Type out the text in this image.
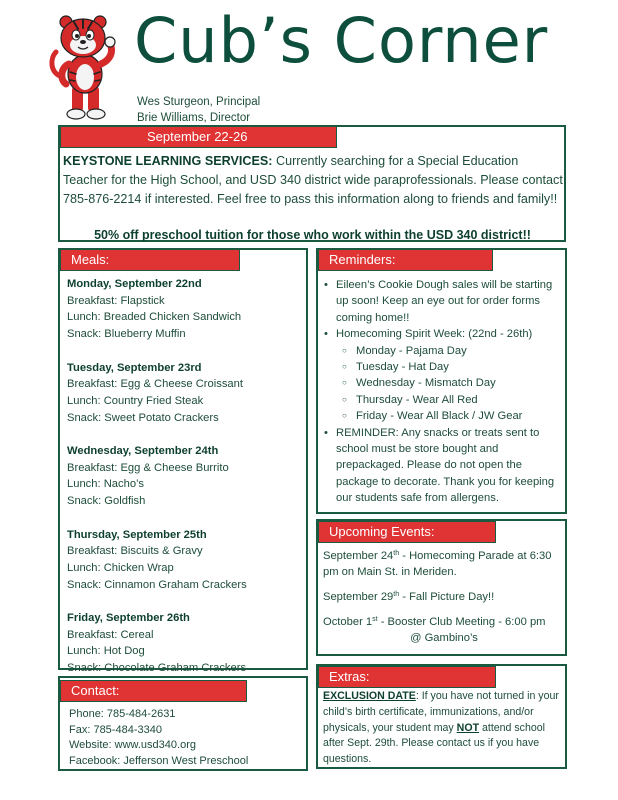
Cub’s Corner
Wes Sturgeon, Principal
Brie Williams, Director
September 22-26
KEYSTONE LEARNING SERVICES: Currently searching for a Special Education Teacher for the High School, and USD 340 district wide paraprofessionals. Please contact 785-876-2214 if interested. Feel free to pass this information along to friends and family!!
50% off preschool tuition for those who work within the USD 340 district!!
Meals:
Monday, September 22nd
Breakfast: Flapstick
Lunch: Breaded Chicken Sandwich
Snack: Blueberry Muffin
Tuesday, September 23rd
Breakfast: Egg & Cheese Croissant
Lunch: Country Fried Steak
Snack: Sweet Potato Crackers
Wednesday, September 24th
Breakfast: Egg & Cheese Burrito
Lunch: Nacho’s
Snack: Goldfish
Thursday, September 25th
Breakfast: Biscuits & Gravy
Lunch: Chicken Wrap
Snack: Cinnamon Graham Crackers
Friday, September 26th
Breakfast: Cereal
Lunch: Hot Dog
Snack: Chocolate Graham Crackers
Contact:
Phone: 785-484-2631
Fax: 785-484-3340
Website: www.usd340.org
Facebook: Jefferson West Preschool
Reminders:
• Eileen’s Cookie Dough sales will be starting up soon! Keep an eye out for order forms coming home!!
• Homecoming Spirit Week: (22nd - 26th)
○ Monday - Pajama Day
○ Tuesday - Hat Day
○ Wednesday - Mismatch Day
○ Thursday - Wear All Red
○ Friday - Wear All Black / JW Gear
• REMINDER: Any snacks or treats sent to school must be store bought and prepackaged. Please do not open the package to decorate. Thank you for keeping our students safe from allergens.
Upcoming Events:
September 24th - Homecoming Parade at 6:30 pm on Main St. in Meriden.
September 29th - Fall Picture Day!!
October 1st - Booster Club Meeting - 6:00 pm
@ Gambino’s
Extras:
EXCLUSION DATE: If you have not turned in your child’s birth certificate, immunizations, and/or physicals, your student may NOT attend school after Sept. 29th. Please contact us if you have questions.
